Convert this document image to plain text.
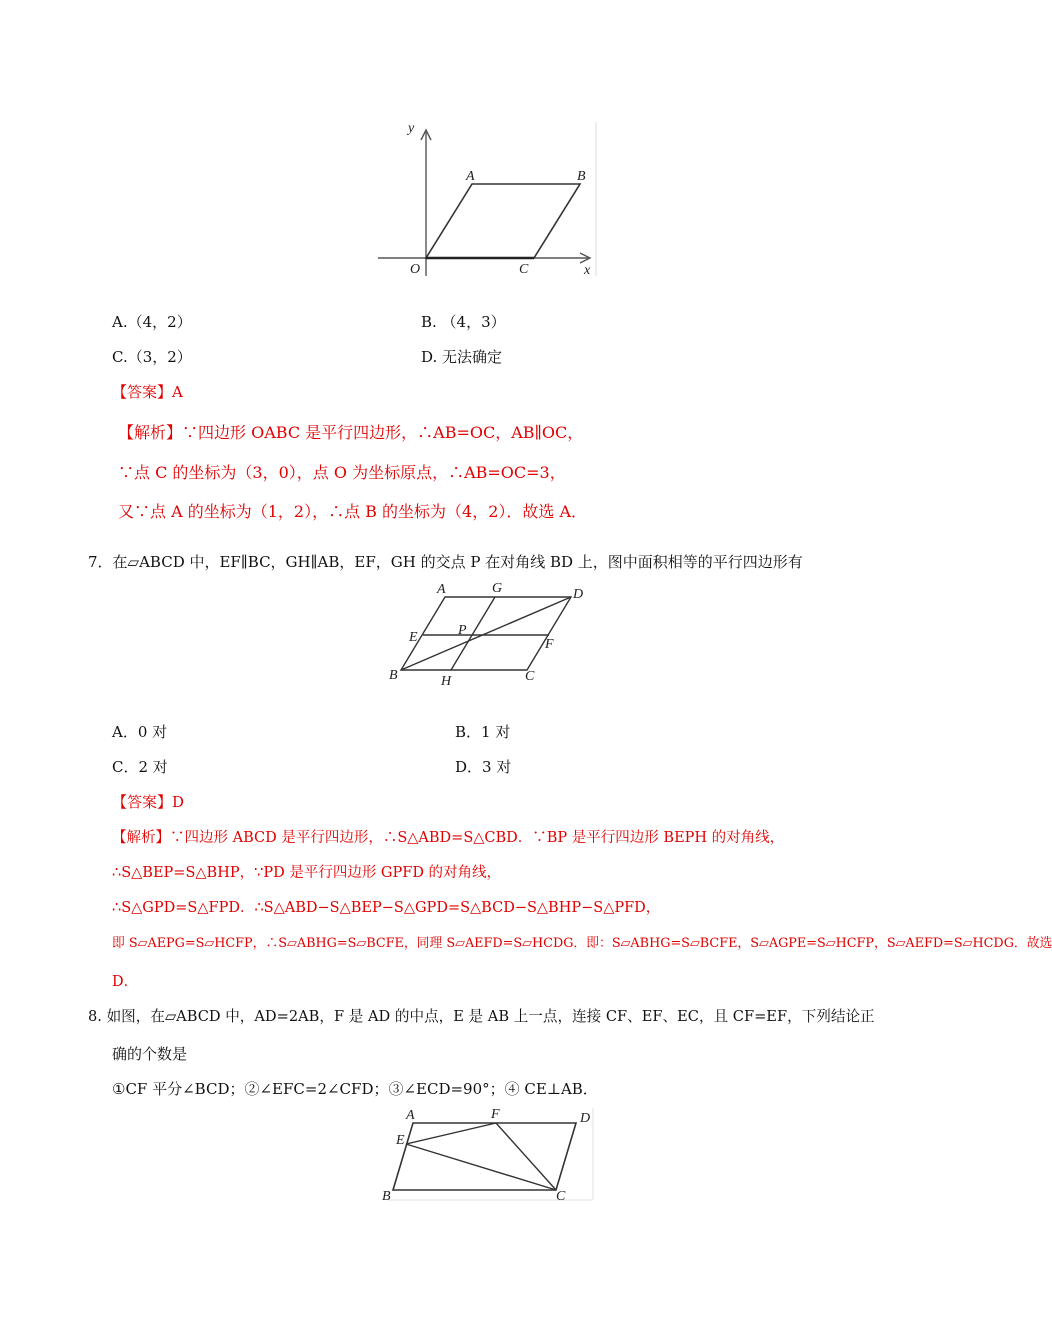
y
x
O
A	B
C
A.（4，2）	B. （4，3）
C.（3，2）	D. 无法确定
【答案】A
【解析】∵四边形 OABC 是平行四边形，∴AB=OC，AB∥OC，
∵点 C 的坐标为（3，0），点 O 为坐标原点，∴AB=OC=3，
又∵点 A 的坐标为（1，2），∴点 B 的坐标为（4，2）．故选 A．
7．在▱ABCD 中，EF∥BC，GH∥AB，EF，GH 的交点 P 在对角线 BD 上，图中面积相等的平行四边形有
A	G	D
E	P
F
B	H	C
A．0 对	B．1 对
C．2 对	D．3 对
【答案】D
【解析】∵四边形 ABCD 是平行四边形，∴S△ABD=S△CBD．∵BP 是平行四边形 BEPH 的对角线，
∴S△BEP=S△BHP，∵PD 是平行四边形 GPFD 的对角线，
∴S△GPD=S△FPD．∴S△ABD−S△BEP−S△GPD=S△BCD−S△BHP−S△PFD，
即 S▱AEPG=S▱HCFP，∴S▱ABHG=S▱BCFE，同理 S▱AEFD=S▱HCDG．即：S▱ABHG=S▱BCFE，S▱AGPE=S▱HCFP，S▱AEFD=S▱HCDG．故选
D．
8. 如图，在▱ABCD 中，AD=2AB，F 是 AD 的中点，E 是 AB 上一点，连接 CF、EF、EC，且 CF=EF，下列结论正
确的个数是
①CF 平分∠BCD；②∠EFC=2∠CFD；③∠ECD=90°；④ CE⊥AB．
A	F	D
E
B	C
